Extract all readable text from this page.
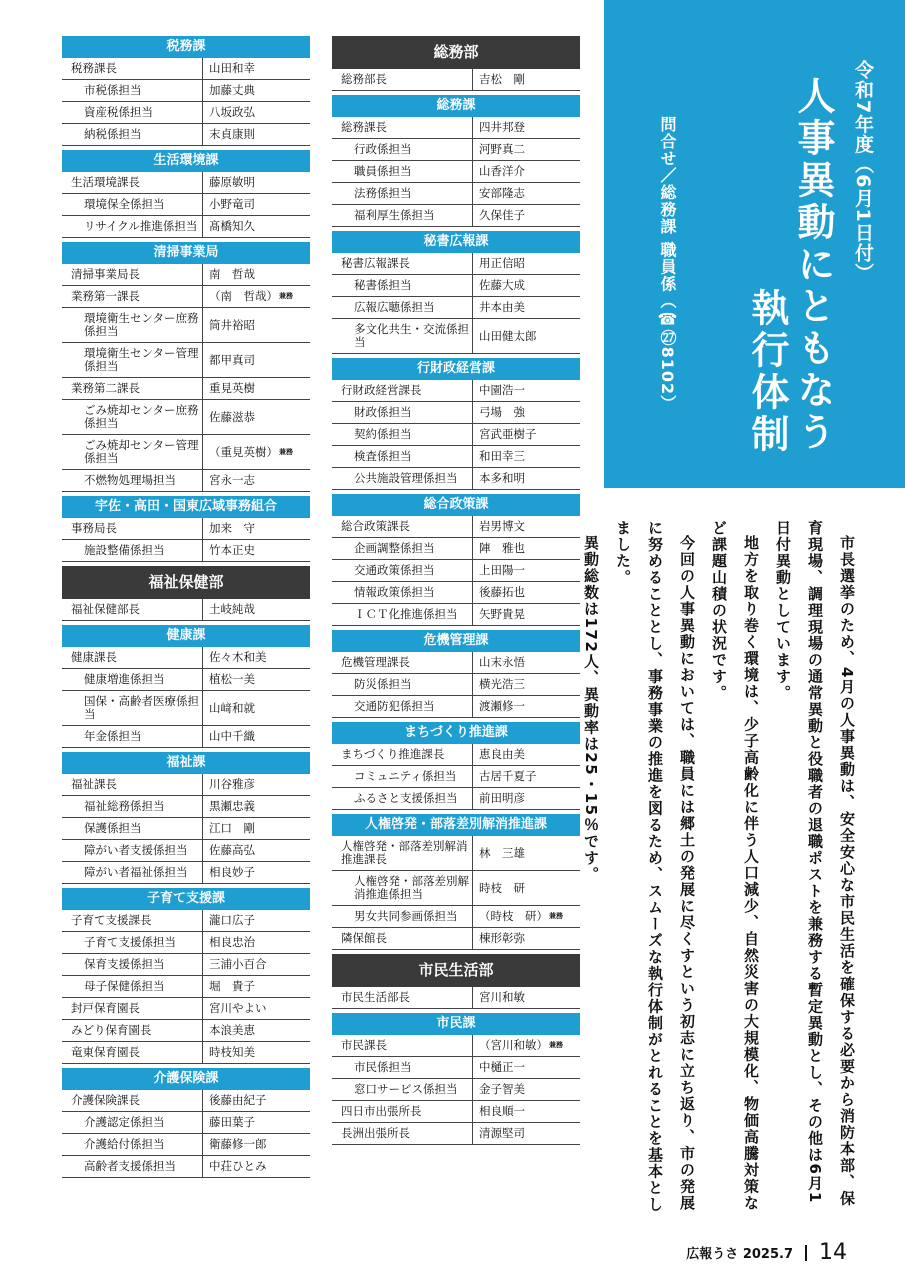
税務課
税務課長	山田和幸
市税係担当	加藤丈典
資産税係担当	八坂政弘
納税係担当	末貞康則
生活環境課
生活環境課長	藤原敏明
環境保全係担当	小野竜司
リサイクル推進係担当	髙橋知久
清掃事業局
清掃事業局長	南　哲哉
業務第一課長	（南　哲哉） 兼務
環境衛生センター庶務係担当	筒井裕昭
環境衛生センター管理係担当	都甲真司
業務第二課長	重見英樹
ごみ焼却センター庶務係担当	佐藤滋恭
ごみ焼却センター管理係担当	（重見英樹） 兼務
不燃物処理場担当	宮永一志
宇佐・高田・国東広域事務組合
事務局長	加来　守
施設整備係担当	竹本正史
福祉保健部
福祉保健部長	土岐純哉
健康課
健康課長	佐々木和美
健康増進係担当	植松一美
国保・高齢者医療係担当	山﨑和就
年金係担当	山中千織
福祉課
福祉課長	川谷雅彦
福祉総務係担当	黒瀬忠義
保護係担当	江口　剛
障がい者支援係担当	佐藤高弘
障がい者福祉係担当	相良妙子
子育て支援課
子育て支援課長	瀧口広子
子育て支援係担当	相良忠治
保育支援係担当	三浦小百合
母子保健係担当	堀　貴子
封戸保育園長	宮川やよい
みどり保育園長	本浪美恵
竜東保育園長	時枝知美
介護保険課
介護保険課長	後藤由紀子
介護認定係担当	藤田葉子
介護給付係担当	衛藤修一郎
高齢者支援係担当	中荘ひとみ
総務部
総務部長	吉松　剛
総務課
総務課長	四井邦登
行政係担当	河野真二
職員係担当	山香洋介
法務係担当	安部隆志
福利厚生係担当	久保佳子
秘書広報課
秘書広報課長	用正信昭
秘書係担当	佐藤大成
広報広聴係担当	井本由美
多文化共生・交流係担当	山田健太郎
行財政経営課
行財政経営課長	中園浩一
財政係担当	弓場　強
契約係担当	宮武亜樹子
検査係担当	和田幸三
公共施設管理係担当	本多和明
総合政策課
総合政策課長	岩男博文
企画調整係担当	陣　雅也
交通政策係担当	上田陽一
情報政策係担当	後藤拓也
ＩＣＴ化推進係担当	矢野貴晃
危機管理課
危機管理課長	山末永悟
防災係担当	横光浩三
交通防犯係担当	渡瀬修一
まちづくり推進課
まちづくり推進課長	恵良由美
コミュニティ係担当	古居千夏子
ふるさと支援係担当	前田明彦
人権啓発・部落差別解消推進課
人権啓発・部落差別解消推進課長	林　三雄
人権啓発・部落差別解消推進係担当	時枝　研
男女共同参画係担当	（時枝　研） 兼務
隣保館長	棟形彰弥
市民生活部
市民生活部長	宮川和敏
市民課
市民課長	（宮川和敏） 兼務
市民係担当	中樋正一
窓口サービス係担当	金子智美
四日市出張所長	相良順一
長洲出張所長	清源堅司
令和7年度（6月1日付）
人事異動にともなう
執行体制
問合せ／総務課 職員係（☎㉗8102）

市長選挙のため、4月の人事異動は、安全安心な市民生活を確保する必要から消防本部、保育現場、調理現場の通常異動と役職者の退職ポストを兼務する暫定異動とし、その他は6月1日付異動としています。

地方を取り巻く環境は、少子高齢化に伴う人口減少、自然災害の大規模化、物価高騰対策など課題山積の状況です。

今回の人事異動においては、職員には郷土の発展に尽くすという初志に立ち返り、市の発展に努めることとし、事務事業の推進を図るため、スムーズな執行体制がとれることを基本としました。

異動総数は172人、異動率は25・15％です。

広報うさ 2025.7 14
